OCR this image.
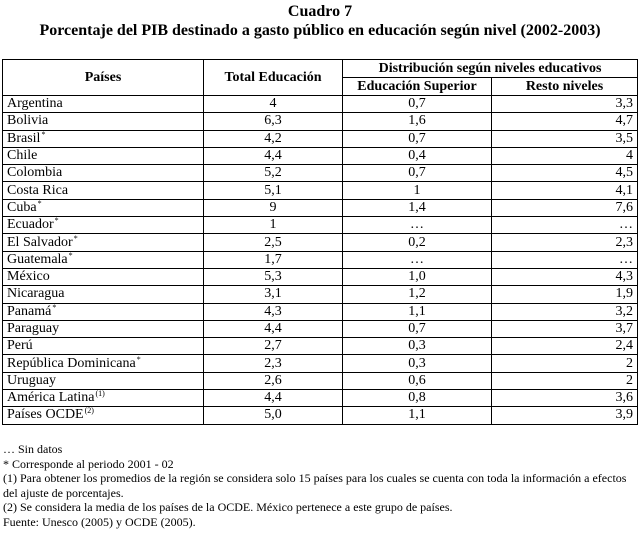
Cuadro 7
Porcentaje del PIB destinado a gasto público en educación según nivel (2002-2003)
Países	Total Educación	Distribución según niveles educativos	
		Educación Superior	Resto niveles
Argentina	4	0,7	3,3
Bolivia	6,3	1,6	4,7
Brasil*	4,2	0,7	3,5
Chile	4,4	0,4	4
Colombia	5,2	0,7	4,5
Costa Rica	5,1	1	4,1
Cuba*	9	1,4	7,6
Ecuador*	1	…	…
El Salvador*	2,5	0,2	2,3
Guatemala*	1,7	…	…
México	5,3	1,0	4,3
Nicaragua	3,1	1,2	1,9
Panamá*	4,3	1,1	3,2
Paraguay	4,4	0,7	3,7
Perú	2,7	0,3	2,4
República Dominicana*	2,3	0,3	2
Uruguay	2,6	0,6	2
América Latina$^{(1)}$	4,4	0,8	3,6
Países OCDE$^{(2)}$	5,0	1,1	3,9
… Sin datos
* Corresponde al periodo 2001 - 02
(1) Para obtener los promedios de la región se considera solo 15 países para los cuales se cuenta con toda la información a efectos del ajuste de porcentajes.
(2) Se considera la media de los países de la OCDE. México pertenece a este grupo de países.
Fuente: Unesco (2005) y OCDE (2005).
